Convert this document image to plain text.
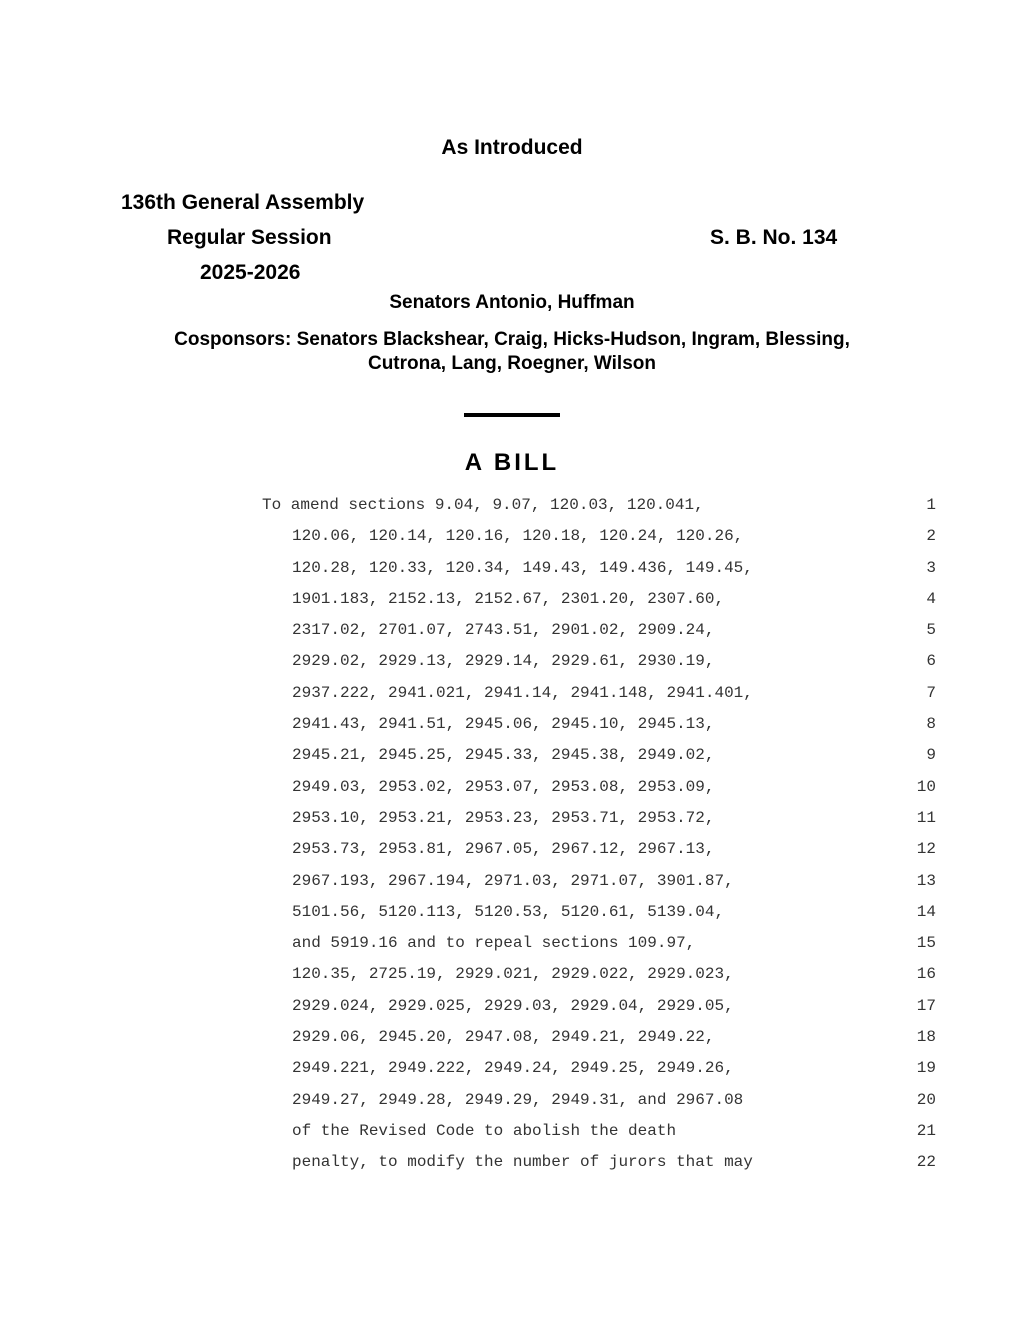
As Introduced
136th General Assembly
Regular Session	S. B. No. 134
2025-2026
Senators Antonio, Huffman
Cosponsors: Senators Blackshear, Craig, Hicks-Hudson, Ingram, Blessing,
Cutrona, Lang, Roegner, Wilson
A BILL
To amend sections 9.04, 9.07, 120.03, 120.041,	1
120.06, 120.14, 120.16, 120.18, 120.24, 120.26,	2
120.28, 120.33, 120.34, 149.43, 149.436, 149.45,	3
1901.183, 2152.13, 2152.67, 2301.20, 2307.60,	4
2317.02, 2701.07, 2743.51, 2901.02, 2909.24,	5
2929.02, 2929.13, 2929.14, 2929.61, 2930.19,	6
2937.222, 2941.021, 2941.14, 2941.148, 2941.401,	7
2941.43, 2941.51, 2945.06, 2945.10, 2945.13,	8
2945.21, 2945.25, 2945.33, 2945.38, 2949.02,	9
2949.03, 2953.02, 2953.07, 2953.08, 2953.09,	10
2953.10, 2953.21, 2953.23, 2953.71, 2953.72,	11
2953.73, 2953.81, 2967.05, 2967.12, 2967.13,	12
2967.193, 2967.194, 2971.03, 2971.07, 3901.87,	13
5101.56, 5120.113, 5120.53, 5120.61, 5139.04,	14
and 5919.16 and to repeal sections 109.97,	15
120.35, 2725.19, 2929.021, 2929.022, 2929.023,	16
2929.024, 2929.025, 2929.03, 2929.04, 2929.05,	17
2929.06, 2945.20, 2947.08, 2949.21, 2949.22,	18
2949.221, 2949.222, 2949.24, 2949.25, 2949.26,	19
2949.27, 2949.28, 2949.29, 2949.31, and 2967.08	20
of the Revised Code to abolish the death	21
penalty, to modify the number of jurors that may	22
